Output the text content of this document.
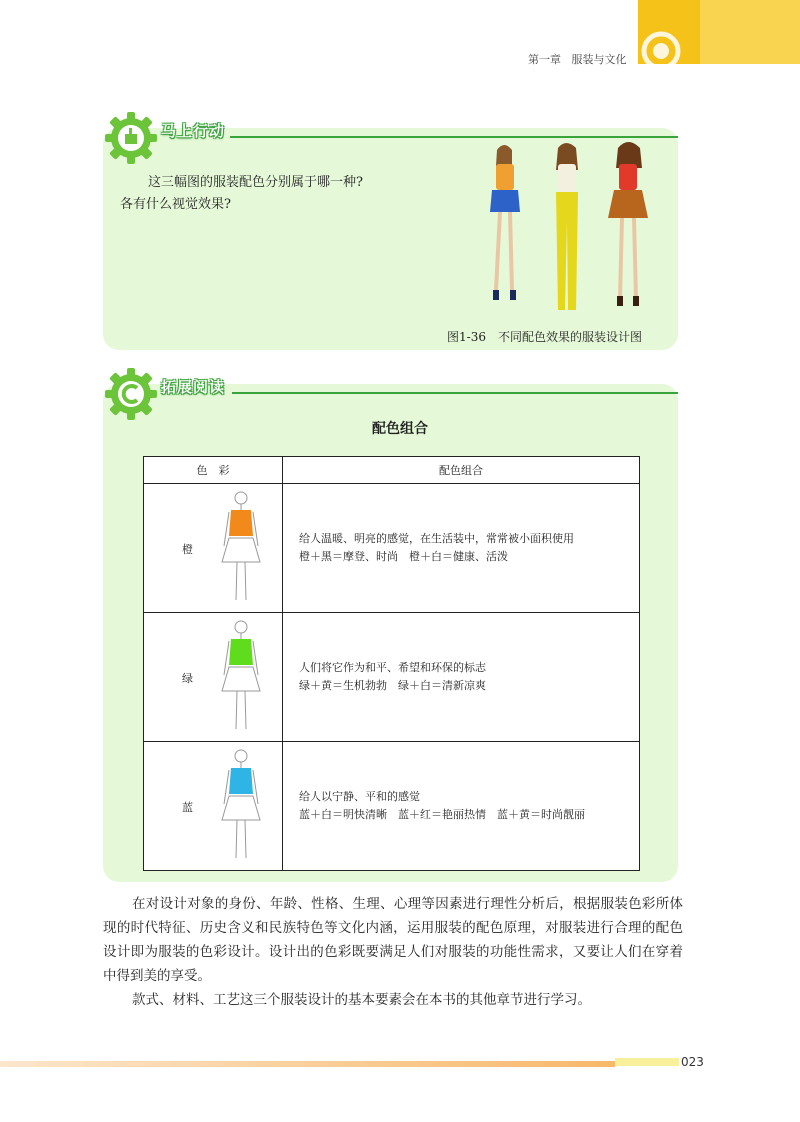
第一章 服装与文化
马上行动
这三幅图的服装配色分别属于哪一种?
各有什么视觉效果?
图1-36　不同配色效果的服装设计图
拓展阅读
配色组合
色　彩	配色组合

橙	给人温暖、明亮的感觉，在生活装中，常常被小面积使用
橙＋黑＝摩登、时尚　橙＋白＝健康、活泼

绿	人们将它作为和平、希望和环保的标志
绿＋黄＝生机勃勃　绿＋白＝清新凉爽

蓝	给人以宁静、平和的感觉
蓝＋白＝明快清晰　蓝＋红＝艳丽热情　蓝＋黄＝时尚靓丽

在对设计对象的身份、年龄、性格、生理、心理等因素进行理性分析后，根据服装色彩所体现的时代特征、历史含义和民族特色等文化内涵，运用服装的配色原理，对服装进行合理的配色设计即为服装的色彩设计。设计出的色彩既要满足人们对服装的功能性需求，又要让人们在穿着中得到美的享受。

款式、材料、工艺这三个服装设计的基本要素会在本书的其他章节进行学习。

023
